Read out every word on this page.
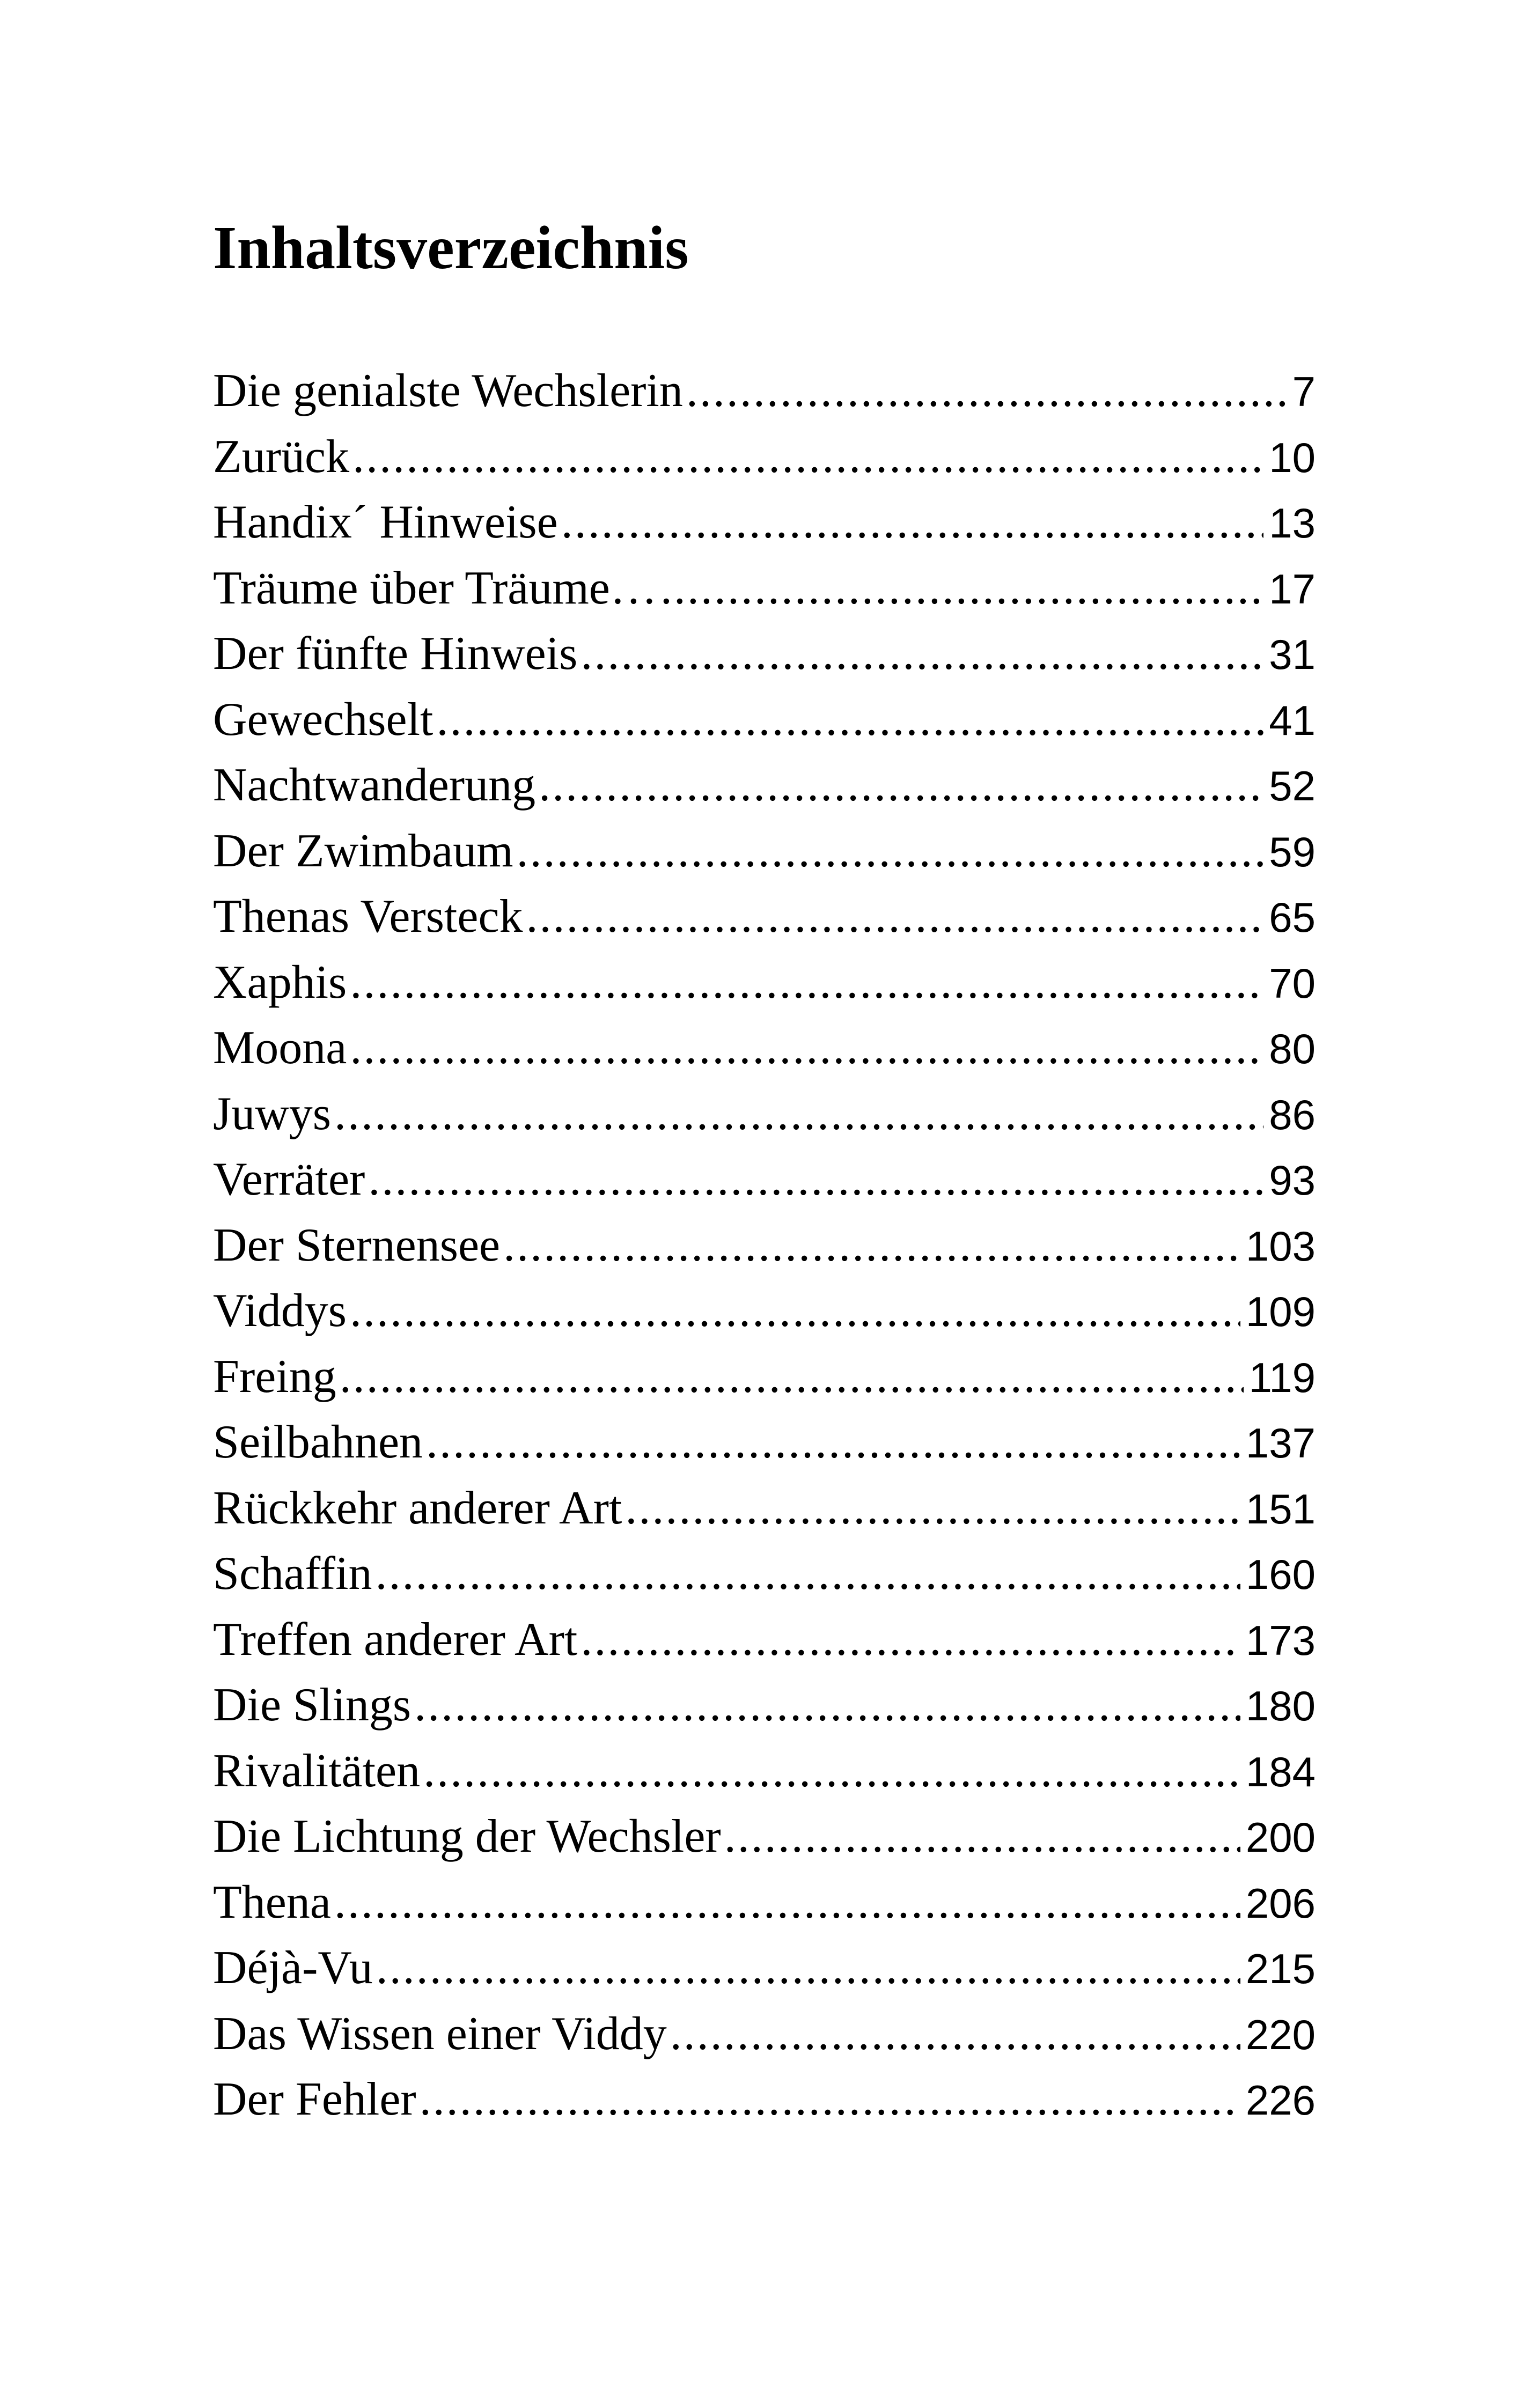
Inhaltsverzeichnis
Die genialste Wechslerin .....	7
Zurück .....	10
Handix´ Hinweise .....	13
Träume über Träume… .....	17
Der fünfte Hinweis .....	31
Gewechselt .....	41
Nachtwanderung .....	52
Der Zwimbaum .....	59
Thenas Versteck .....	65
Xaphis .....	70
Moona .....	80
Juwys .....	86
Verräter .....	93
Der Sternensee .....	103
Viddys .....	109
Freing .....	119
Seilbahnen .....	137
Rückkehr anderer Art .....	151
Schaffin .....	160
Treffen anderer Art .....	173
Die Slings .....	180
Rivalitäten .....	184
Die Lichtung der Wechsler .....	200
Thena .....	206
Déjà-Vu .....	215
Das Wissen einer Viddy .....	220
Der Fehler .....	226
